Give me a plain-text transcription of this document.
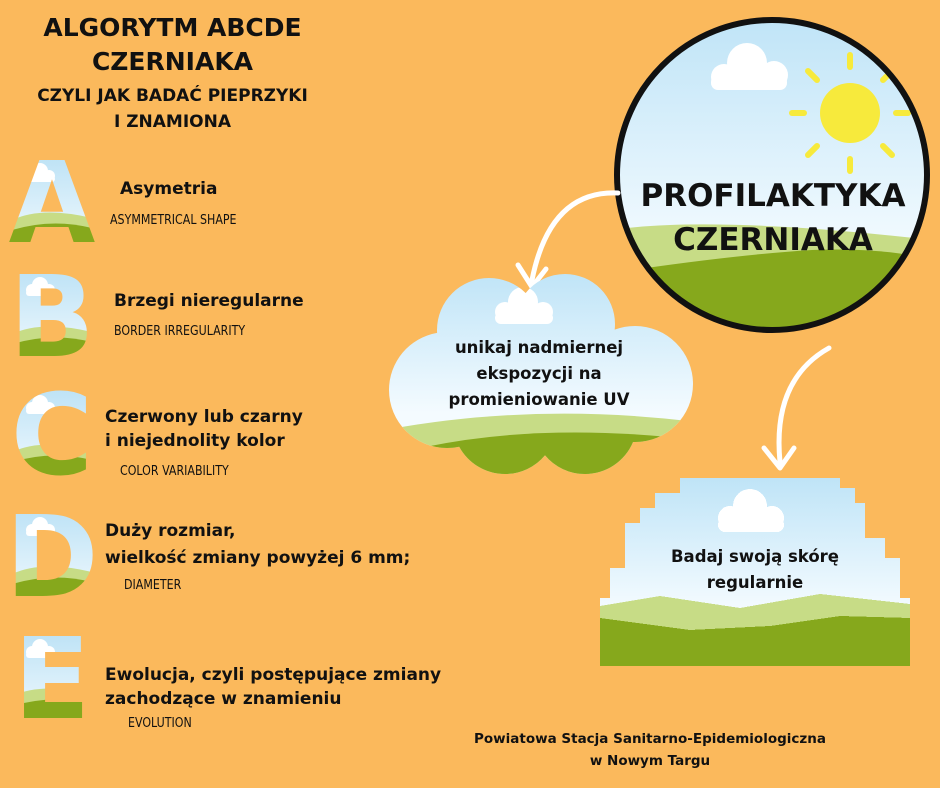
ALGORYTM ABCDE
CZERNIAKA
CZYLI JAK BADAĆ PIEPRZYKI
I ZNAMIONA
A Asymetria
ASYMMETRICAL SHAPE
B Brzegi nieregularne
BORDER IRREGULARITY
C Czerwony lub czarny
i niejednolity kolor
COLOR VARIABILITY
D Duży rozmiar,
wielkość zmiany powyżej 6 mm;
DIAMETER
E Ewolucja, czyli postępujące zmiany
zachodzące w znamieniu
EVOLUTION
PROFILAKTYKA
CZERNIAKA
unikaj nadmiernej
ekspozycji na
promieniowanie UV
Badaj swoją skórę
regularnie
Powiatowa Stacja Sanitarno-Epidemiologiczna
w Nowym Targu
